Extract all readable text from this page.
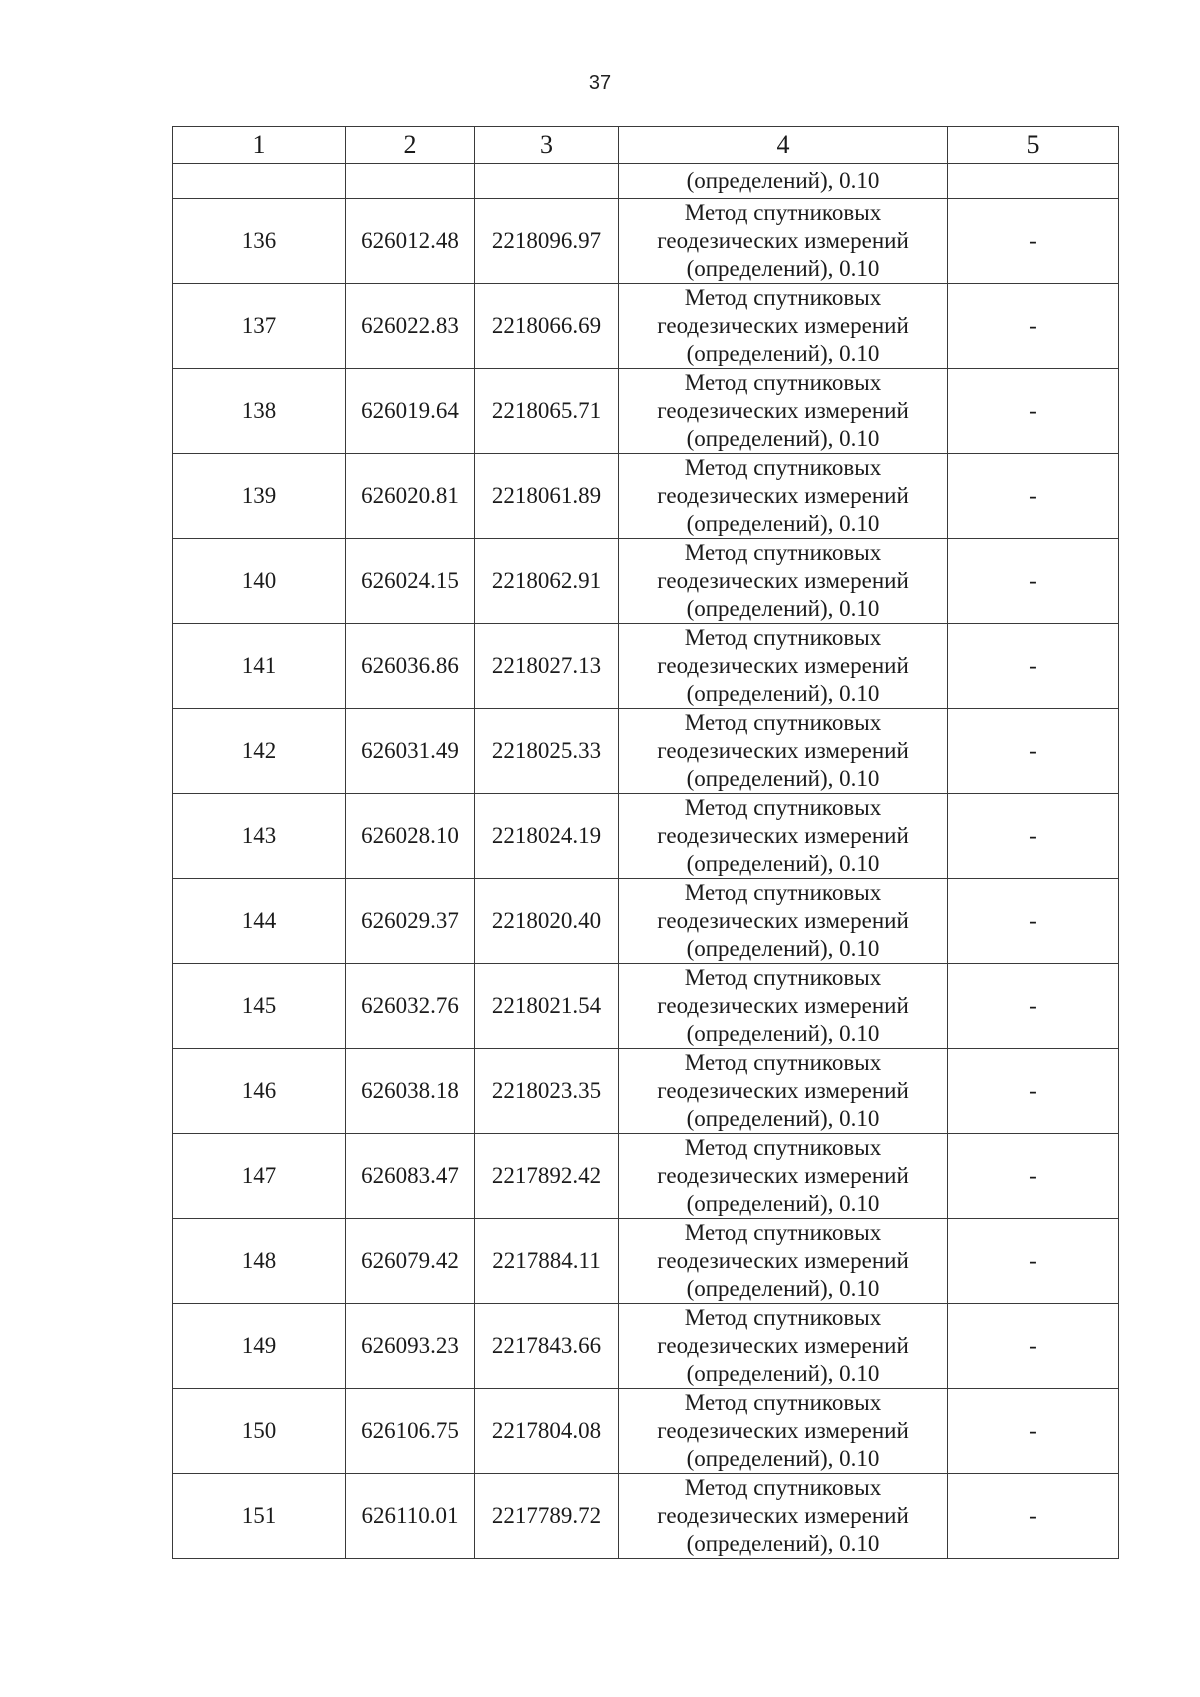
37
1	2	3	4	5
			(определений), 0.10	
136	626012.48	2218096.97	Метод спутниковых
геодезических измерений
(определений), 0.10	-
137	626022.83	2218066.69	Метод спутниковых
геодезических измерений
(определений), 0.10	-
138	626019.64	2218065.71	Метод спутниковых
геодезических измерений
(определений), 0.10	-
139	626020.81	2218061.89	Метод спутниковых
геодезических измерений
(определений), 0.10	-
140	626024.15	2218062.91	Метод спутниковых
геодезических измерений
(определений), 0.10	-
141	626036.86	2218027.13	Метод спутниковых
геодезических измерений
(определений), 0.10	-
142	626031.49	2218025.33	Метод спутниковых
геодезических измерений
(определений), 0.10	-
143	626028.10	2218024.19	Метод спутниковых
геодезических измерений
(определений), 0.10	-
144	626029.37	2218020.40	Метод спутниковых
геодезических измерений
(определений), 0.10	-
145	626032.76	2218021.54	Метод спутниковых
геодезических измерений
(определений), 0.10	-
146	626038.18	2218023.35	Метод спутниковых
геодезических измерений
(определений), 0.10	-
147	626083.47	2217892.42	Метод спутниковых
геодезических измерений
(определений), 0.10	-
148	626079.42	2217884.11	Метод спутниковых
геодезических измерений
(определений), 0.10	-
149	626093.23	2217843.66	Метод спутниковых
геодезических измерений
(определений), 0.10	-
150	626106.75	2217804.08	Метод спутниковых
геодезических измерений
(определений), 0.10	-
151	626110.01	2217789.72	Метод спутниковых
геодезических измерений
(определений), 0.10	-
